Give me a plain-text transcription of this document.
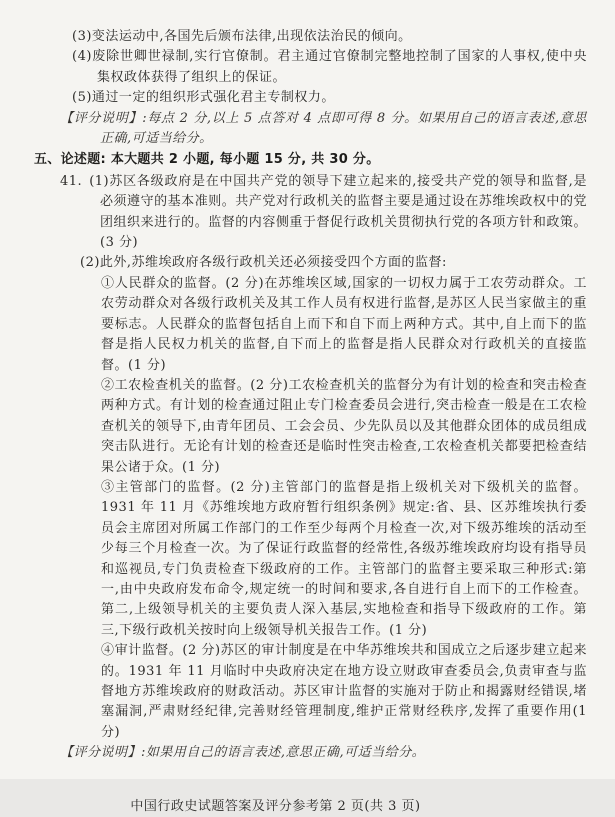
(3)变法运动中,各国先后颁布法律,出现依法治民的倾向。

(4)废除世卿世禄制,实行官僚制。君主通过官僚制完整地控制了国家的人事权,使中央集权政体获得了组织上的保证。

(5)通过一定的组织形式强化君主专制权力。

【评分说明】:每点 2 分,以上 5 点答对 4 点即可得 8 分。如果用自己的语言表述,意思正确,可适当给分。

五、论述题: 本大题共 2 小题, 每小题 15 分, 共 30 分。

41. (1)苏区各级政府是在中国共产党的领导下建立起来的,接受共产党的领导和监督,是必须遵守的基本准则。共产党对行政机关的监督主要是通过设在苏维埃政权中的党团组织来进行的。监督的内容侧重于督促行政机关贯彻执行党的各项方针和政策。(3 分)

(2)此外,苏维埃政府各级行政机关还必须接受四个方面的监督:

①人民群众的监督。(2 分)在苏维埃区域,国家的一切权力属于工农劳动群众。工农劳动群众对各级行政机关及其工作人员有权进行监督,是苏区人民当家做主的重要标志。人民群众的监督包括自上而下和自下而上两种方式。其中,自上而下的监督是指人民权力机关的监督,自下而上的监督是指人民群众对行政机关的直接监督。(1 分)

②工农检查机关的监督。(2 分)工农检查机关的监督分为有计划的检查和突击检查两种方式。有计划的检查通过阻止专门检查委员会进行,突击检查一般是在工农检查机关的领导下,由青年团员、工会会员、少先队员以及其他群众团体的成员组成突击队进行。无论有计划的检查还是临时性突击检查,工农检查机关都要把检查结果公诸于众。(1 分)

③主管部门的监督。(2 分)主管部门的监督是指上级机关对下级机关的监督。1931 年 11 月《苏维埃地方政府暂行组织条例》规定:省、县、区苏维埃执行委员会主席团对所属工作部门的工作至少每两个月检查一次,对下级苏维埃的活动至少每三个月检查一次。为了保证行政监督的经常性,各级苏维埃政府均设有指导员和巡视员,专门负责检查下级政府的工作。主管部门的监督主要采取三种形式:第一,由中央政府发布命令,规定统一的时间和要求,各自进行自上而下的工作检查。第二,上级领导机关的主要负责人深入基层,实地检查和指导下级政府的工作。第三,下级行政机关按时向上级领导机关报告工作。(1 分)

④审计监督。(2 分)苏区的审计制度是在中华苏维埃共和国成立之后逐步建立起来的。1931 年 11 月临时中央政府决定在地方设立财政审查委员会,负责审查与监督地方苏维埃政府的财政活动。苏区审计监督的实施对于防止和揭露财经错误,堵塞漏洞,严肃财经纪律,完善财经管理制度,维护正常财经秩序,发挥了重要作用(1 分)

【评分说明】:如果用自己的语言表述,意思正确,可适当给分。

中国行政史试题答案及评分参考第 2 页(共 3 页)
